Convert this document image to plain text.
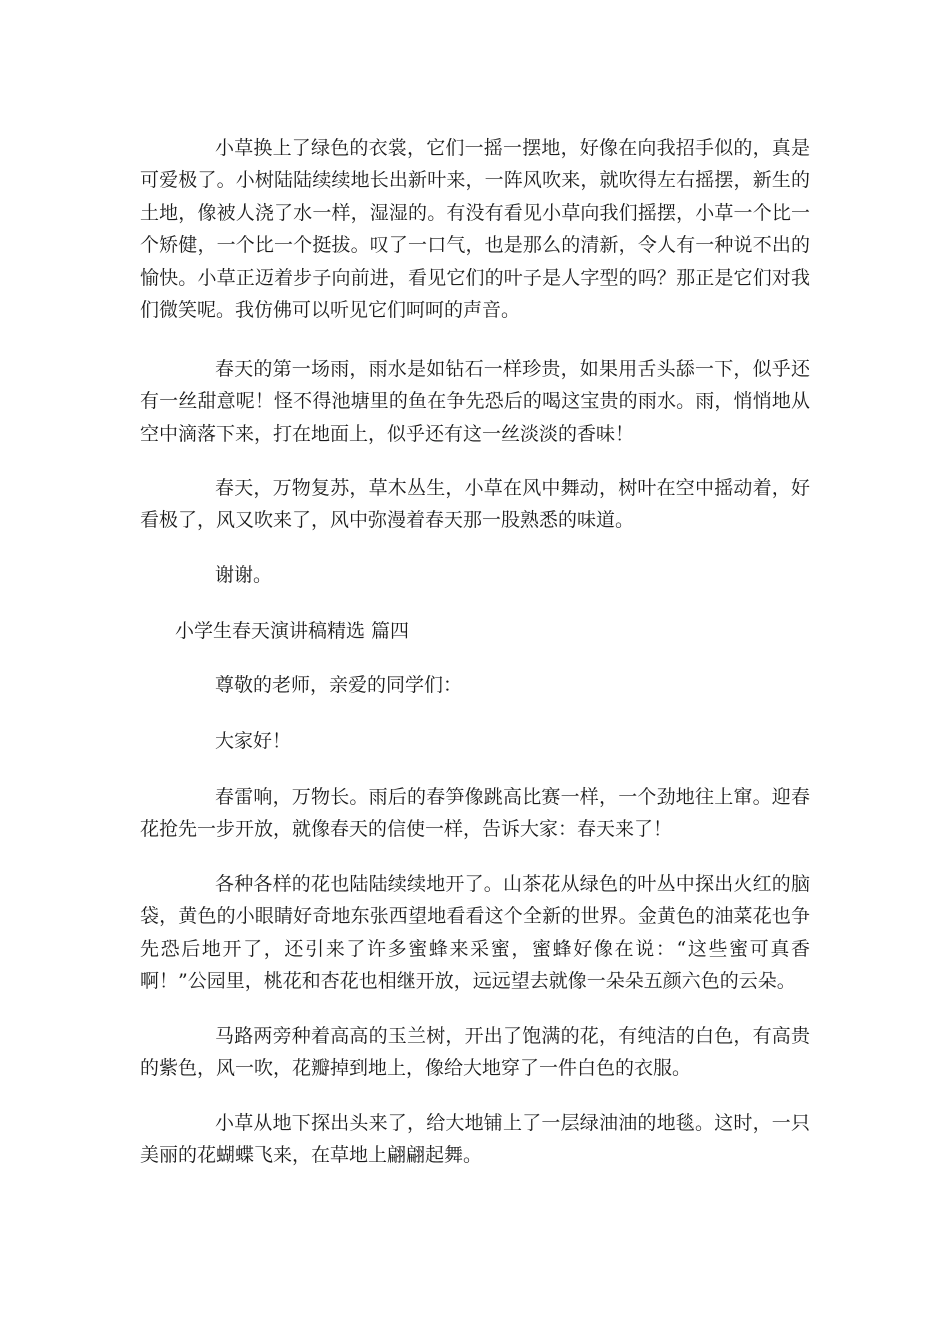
小草换上了绿色的衣裳，它们一摇一摆地，好像在向我招手似的，真是可爱极了。小树陆陆续续地长出新叶来，一阵风吹来，就吹得左右摇摆，新生的土地，像被人浇了水一样，湿湿的。有没有看见小草向我们摇摆，小草一个比一个矫健，一个比一个挺拔。叹了一口气，也是那么的清新，令人有一种说不出的愉快。小草正迈着步子向前进，看见它们的叶子是人字型的吗？那正是它们对我们微笑呢。我仿佛可以听见它们呵呵的声音。

春天的第一场雨，雨水是如钻石一样珍贵，如果用舌头舔一下，似乎还有一丝甜意呢！怪不得池塘里的鱼在争先恐后的喝这宝贵的雨水。雨，悄悄地从空中滴落下来，打在地面上，似乎还有这一丝淡淡的香味！

春天，万物复苏，草木丛生，小草在风中舞动，树叶在空中摇动着，好看极了，风又吹来了，风中弥漫着春天那一股熟悉的味道。

谢谢。

小学生春天演讲稿精选 篇四

尊敬的老师，亲爱的同学们：

大家好！

春雷响，万物长。雨后的春笋像跳高比赛一样，一个劲地往上窜。迎春花抢先一步开放，就像春天的信使一样，告诉大家：春天来了！

各种各样的花也陆陆续续地开了。山茶花从绿色的叶丛中探出火红的脑袋，黄色的小眼睛好奇地东张西望地看看这个全新的世界。金黄色的油菜花也争先恐后地开了，还引来了许多蜜蜂来采蜜，蜜蜂好像在说：“这些蜜可真香啊！”公园里，桃花和杏花也相继开放，远远望去就像一朵朵五颜六色的云朵。

马路两旁种着高高的玉兰树，开出了饱满的花，有纯洁的白色，有高贵的紫色，风一吹，花瓣掉到地上，像给大地穿了一件白色的衣服。

小草从地下探出头来了，给大地铺上了一层绿油油的地毯。这时，一只美丽的花蝴蝶飞来，在草地上翩翩起舞。
